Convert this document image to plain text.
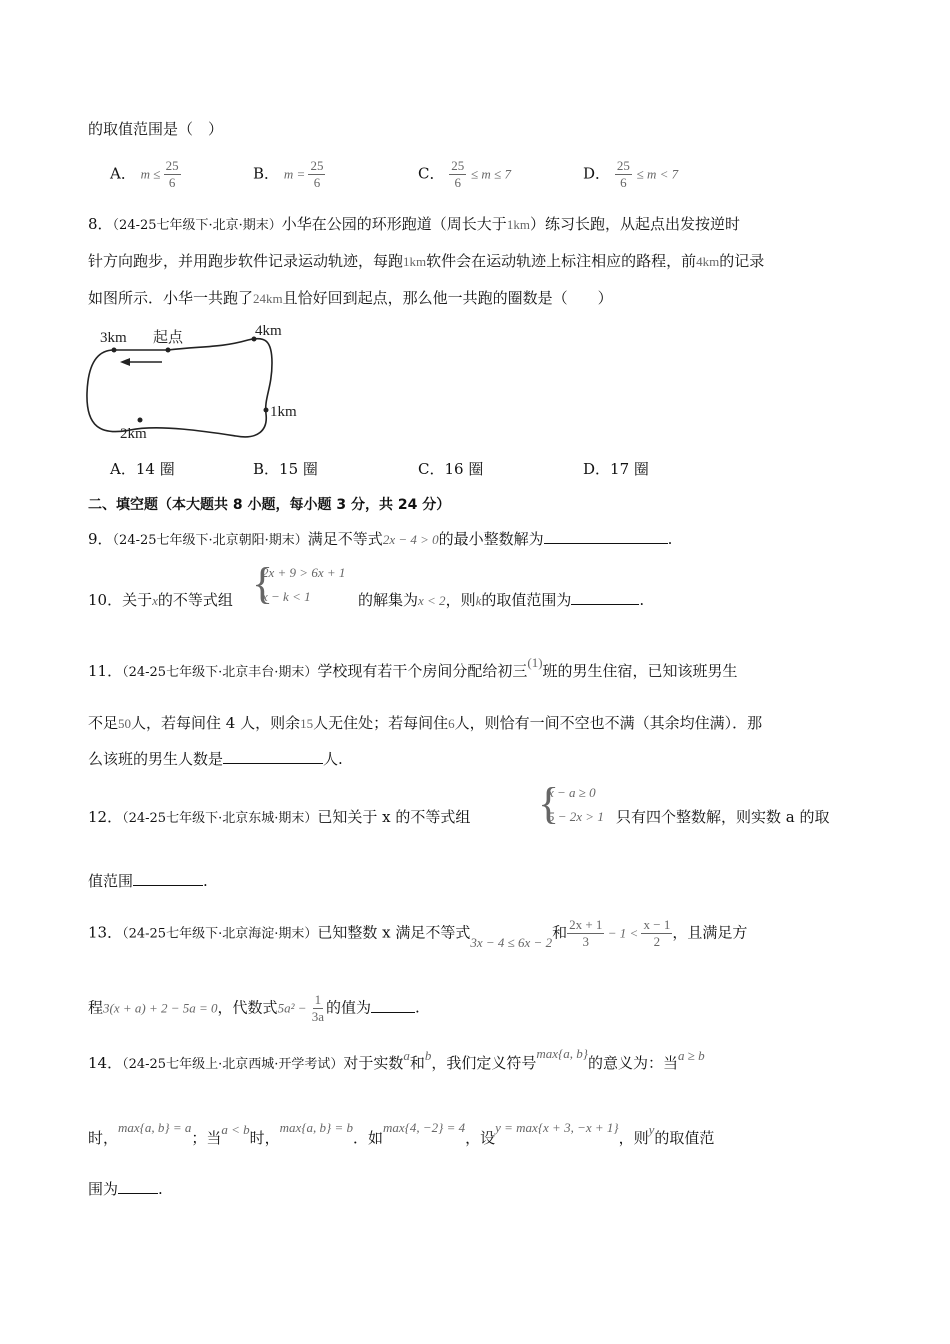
的取值范围是（　）
A． $m \le \frac{25}{6}$	B． $m = \frac{25}{6}$	C． $\frac{25}{6} \le m \le 7$	D． $\frac{25}{6} \le m < 7$
8．（24-25七年级下·北京·期末）小华在公园的环形跑道（周长大于1km）练习长跑，从起点出发按逆时
针方向跑步，并用跑步软件记录运动轨迹，每跑1km软件会在运动轨迹上标注相应的路程，前4km的记录
如图所示．小华一共跑了24km且恰好回到起点，那么他一共跑的圈数是（　　）
3km 起点	4km
1km
2km
A．14 圈	B．15 圈	C．16 圈	D．17 圈
二、填空题（本大题共 8 小题，每小题 3 分，共 24 分）
9．（24-25七年级下·北京朝阳·期末）满足不等式2x − 4 > 0的最小整数解为	.
{
2x + 9 > 6x + 1
x − k < 1
10．关于x的不等式组	的解集为x < 2，则k的取值范围为	.
11．（24-25七年级下·北京丰台·期末）学校现有若干个房间分配给初三(1)班的男生住宿，已知该班男生
不足50人，若每间住 4 人，则余15人无住处；若每间住6人，则恰有一间不空也不满（其余均住满）．那
么该班的男生人数是	人.
{
x − a ≥ 0
5 − 2x > 1
12．（24-25七年级下·北京东城·期末）已知关于 x 的不等式组	只有四个整数解，则实数 a 的取
值范围	.
13．（24-25七年级下·北京海淀·期末）已知整数 x 满足不等式3x − 4 ≤ 6x − 2和 $\frac{2x + 1}{3} - 1 < \frac{x - 1}{2}$ ，且满足方
程3(x + a) + 2 − 5a = 0，代数式$5a^2 - \frac{1}{3a}$ 的值为	.
14．（24-25七年级上·北京西城·开学考试）对于实数a和b，我们定义符号max{a, b}的意义为：当a ≥ b
时，max{a, b} = a；当a < b时，max{a, b} = b．如max{4, −2} = 4，设y = max{x + 3, −x + 1}，则y的取值范
围为	.
